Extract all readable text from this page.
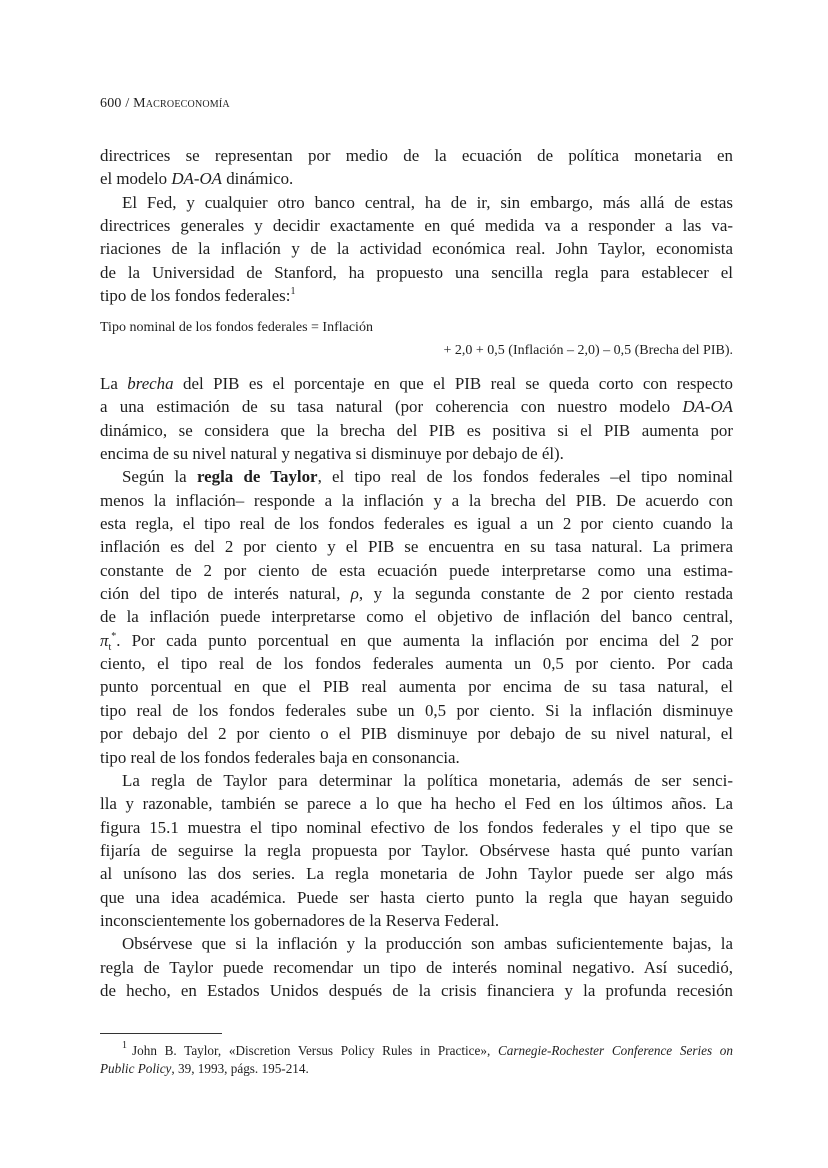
600 / Macroeconomía
directrices se representan por medio de la ecuación de política monetaria en
el modelo DA-OA dinámico.
El Fed, y cualquier otro banco central, ha de ir, sin embargo, más allá de estas
directrices generales y decidir exactamente en qué medida va a responder a las va-
riaciones de la inflación y de la actividad económica real. John Taylor, economista
de la Universidad de Stanford, ha propuesto una sencilla regla para establecer el
tipo de los fondos federales:$^1$
Tipo nominal de los fondos federales = Inflación
+ 2,0 + 0,5 (Inflación – 2,0) – 0,5 (Brecha del PIB).
La brecha del PIB es el porcentaje en que el PIB real se queda corto con respecto
a una estimación de su tasa natural (por coherencia con nuestro modelo DA-OA
dinámico, se considera que la brecha del PIB es positiva si el PIB aumenta por
encima de su nivel natural y negativa si disminuye por debajo de él).
Según la regla de Taylor, el tipo real de los fondos federales –el tipo nominal
menos la inflación– responde a la inflación y a la brecha del PIB. De acuerdo con
esta regla, el tipo real de los fondos federales es igual a un 2 por ciento cuando la
inflación es del 2 por ciento y el PIB se encuentra en su tasa natural. La primera
constante de 2 por ciento de esta ecuación puede interpretarse como una estima-
ción del tipo de interés natural, ρ, y la segunda constante de 2 por ciento restada
de la inflación puede interpretarse como el objetivo de inflación del banco central,
$\pi_t^*$. Por cada punto porcentual en que aumenta la inflación por encima del 2 por
ciento, el tipo real de los fondos federales aumenta un 0,5 por ciento. Por cada
punto porcentual en que el PIB real aumenta por encima de su tasa natural, el
tipo real de los fondos federales sube un 0,5 por ciento. Si la inflación disminuye
por debajo del 2 por ciento o el PIB disminuye por debajo de su nivel natural, el
tipo real de los fondos federales baja en consonancia.
La regla de Taylor para determinar la política monetaria, además de ser senci-
lla y razonable, también se parece a lo que ha hecho el Fed en los últimos años. La
figura 15.1 muestra el tipo nominal efectivo de los fondos federales y el tipo que se
fijaría de seguirse la regla propuesta por Taylor. Obsérvese hasta qué punto varían
al unísono las dos series. La regla monetaria de John Taylor puede ser algo más
que una idea académica. Puede ser hasta cierto punto la regla que hayan seguido
inconscientemente los gobernadores de la Reserva Federal.
Obsérvese que si la inflación y la producción son ambas suficientemente bajas, la
regla de Taylor puede recomendar un tipo de interés nominal negativo. Así sucedió,
de hecho, en Estados Unidos después de la crisis financiera y la profunda recesión
$^1$ John B. Taylor, «Discretion Versus Policy Rules in Practice», Carnegie-Rochester Conference Series on
Public Policy, 39, 1993, págs. 195-214.
